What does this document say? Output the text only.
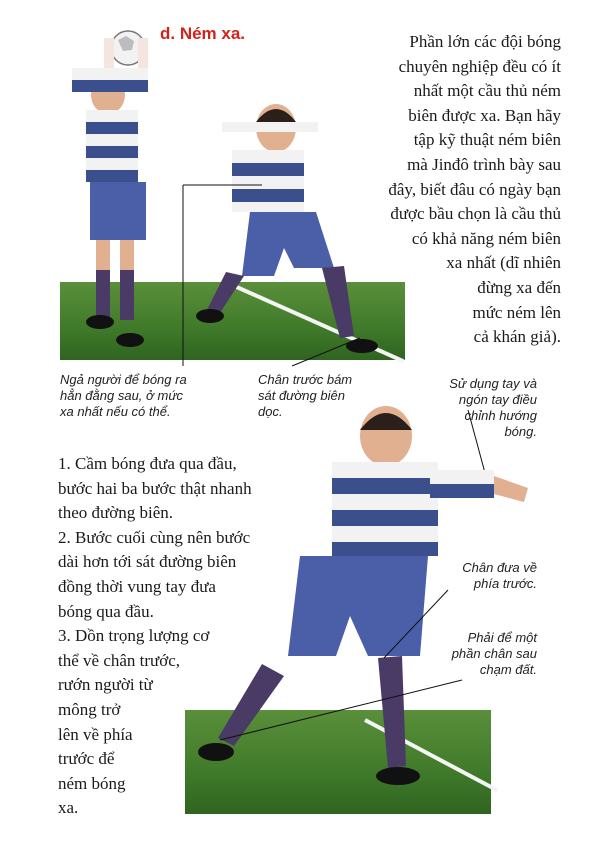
d. Ném xa.	Phần lớn các đội bóng
chuyên nghiệp đều có ít
nhất một cầu thủ ném
biên được xa. Bạn hãy
tập kỹ thuật ném biên
mà Jinđô trình bày sau
đây, biết đâu có ngày bạn
được bầu chọn là cầu thủ
có khả năng ném biên
xa nhất (dĩ nhiên
đừng xa đến
mức ném lên
cả khán giả).
Ngả người để bóng ra
hẳn đằng sau, ở mức
xa nhất nếu có thể.
Chân trước bám
sát đường biên
dọc.
Sử dụng tay và
ngón tay điều
chỉnh hướng
bóng.
Chân đưa về
phía trước.
Phải để một
phần chân sau
chạm đất.
1. Cầm bóng đưa qua đầu,
bước hai ba bước thật nhanh
theo đường biên.
2. Bước cuối cùng nên bước
dài hơn tới sát đường biên
đồng thời vung tay đưa
bóng qua đầu.
3. Dồn trọng lượng cơ
thể về chân trước,
rướn người từ
mông trở
lên về phía
trước để
ném bóng
xa.
